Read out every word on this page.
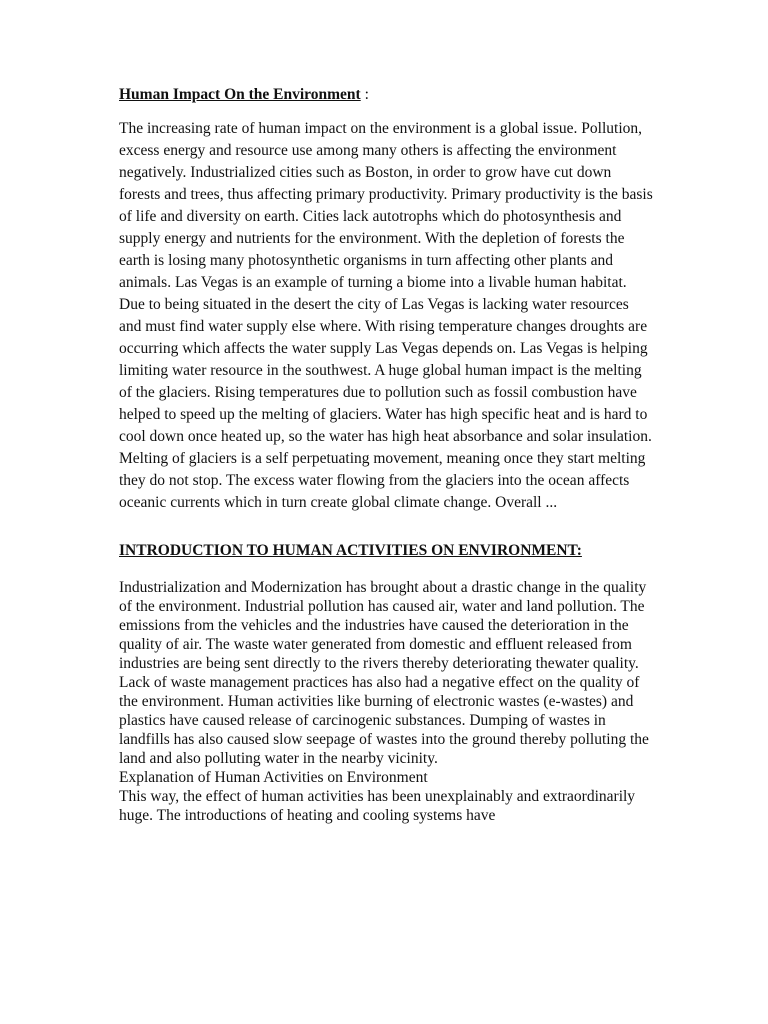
Human Impact On the Environment :

The increasing rate of human impact on the environment is a global issue. Pollution, excess energy and resource use among many others is affecting the environment negatively. Industrialized cities such as Boston, in order to grow have cut down forests and trees, thus affecting primary productivity. Primary productivity is the basis of life and diversity on earth. Cities lack autotrophs which do photosynthesis and supply energy and nutrients for the environment. With the depletion of forests the earth is losing many photosynthetic organisms in turn affecting other plants and animals. Las Vegas is an example of turning a biome into a livable human habitat. Due to being situated in the desert the city of Las Vegas is lacking water resources and must find water supply else where. With rising temperature changes droughts are occurring which affects the water supply Las Vegas depends on. Las Vegas is helping limiting water resource in the southwest. A huge global human impact is the melting of the glaciers. Rising temperatures due to pollution such as fossil combustion have helped to speed up the melting of glaciers. Water has high specific heat and is hard to cool down once heated up, so the water has high heat absorbance and solar insulation. Melting of glaciers is a self perpetuating movement, meaning once they start melting they do not stop. The excess water flowing from the glaciers into the ocean affects oceanic currents which in turn create global climate change. Overall ...

INTRODUCTION TO HUMAN ACTIVITIES ON ENVIRONMENT:

Industrialization and Modernization has brought about a drastic change in the quality of the environment. Industrial pollution has caused air, water and land pollution. The emissions from the vehicles and the industries have caused the deterioration in the quality of air. The waste water generated from domestic and effluent released from industries are being sent directly to the rivers thereby deteriorating thewater quality. Lack of waste management practices has also had a negative effect on the quality of the environment. Human activities like burning of electronic wastes (e-wastes) and plastics have caused release of carcinogenic substances. Dumping of wastes in landfills has also caused slow seepage of wastes into the ground thereby polluting the land and also polluting water in the nearby vicinity.

Explanation of Human Activities on Environment

This way, the effect of human activities has been unexplainably and extraordinarily huge. The introductions of heating and cooling systems have
